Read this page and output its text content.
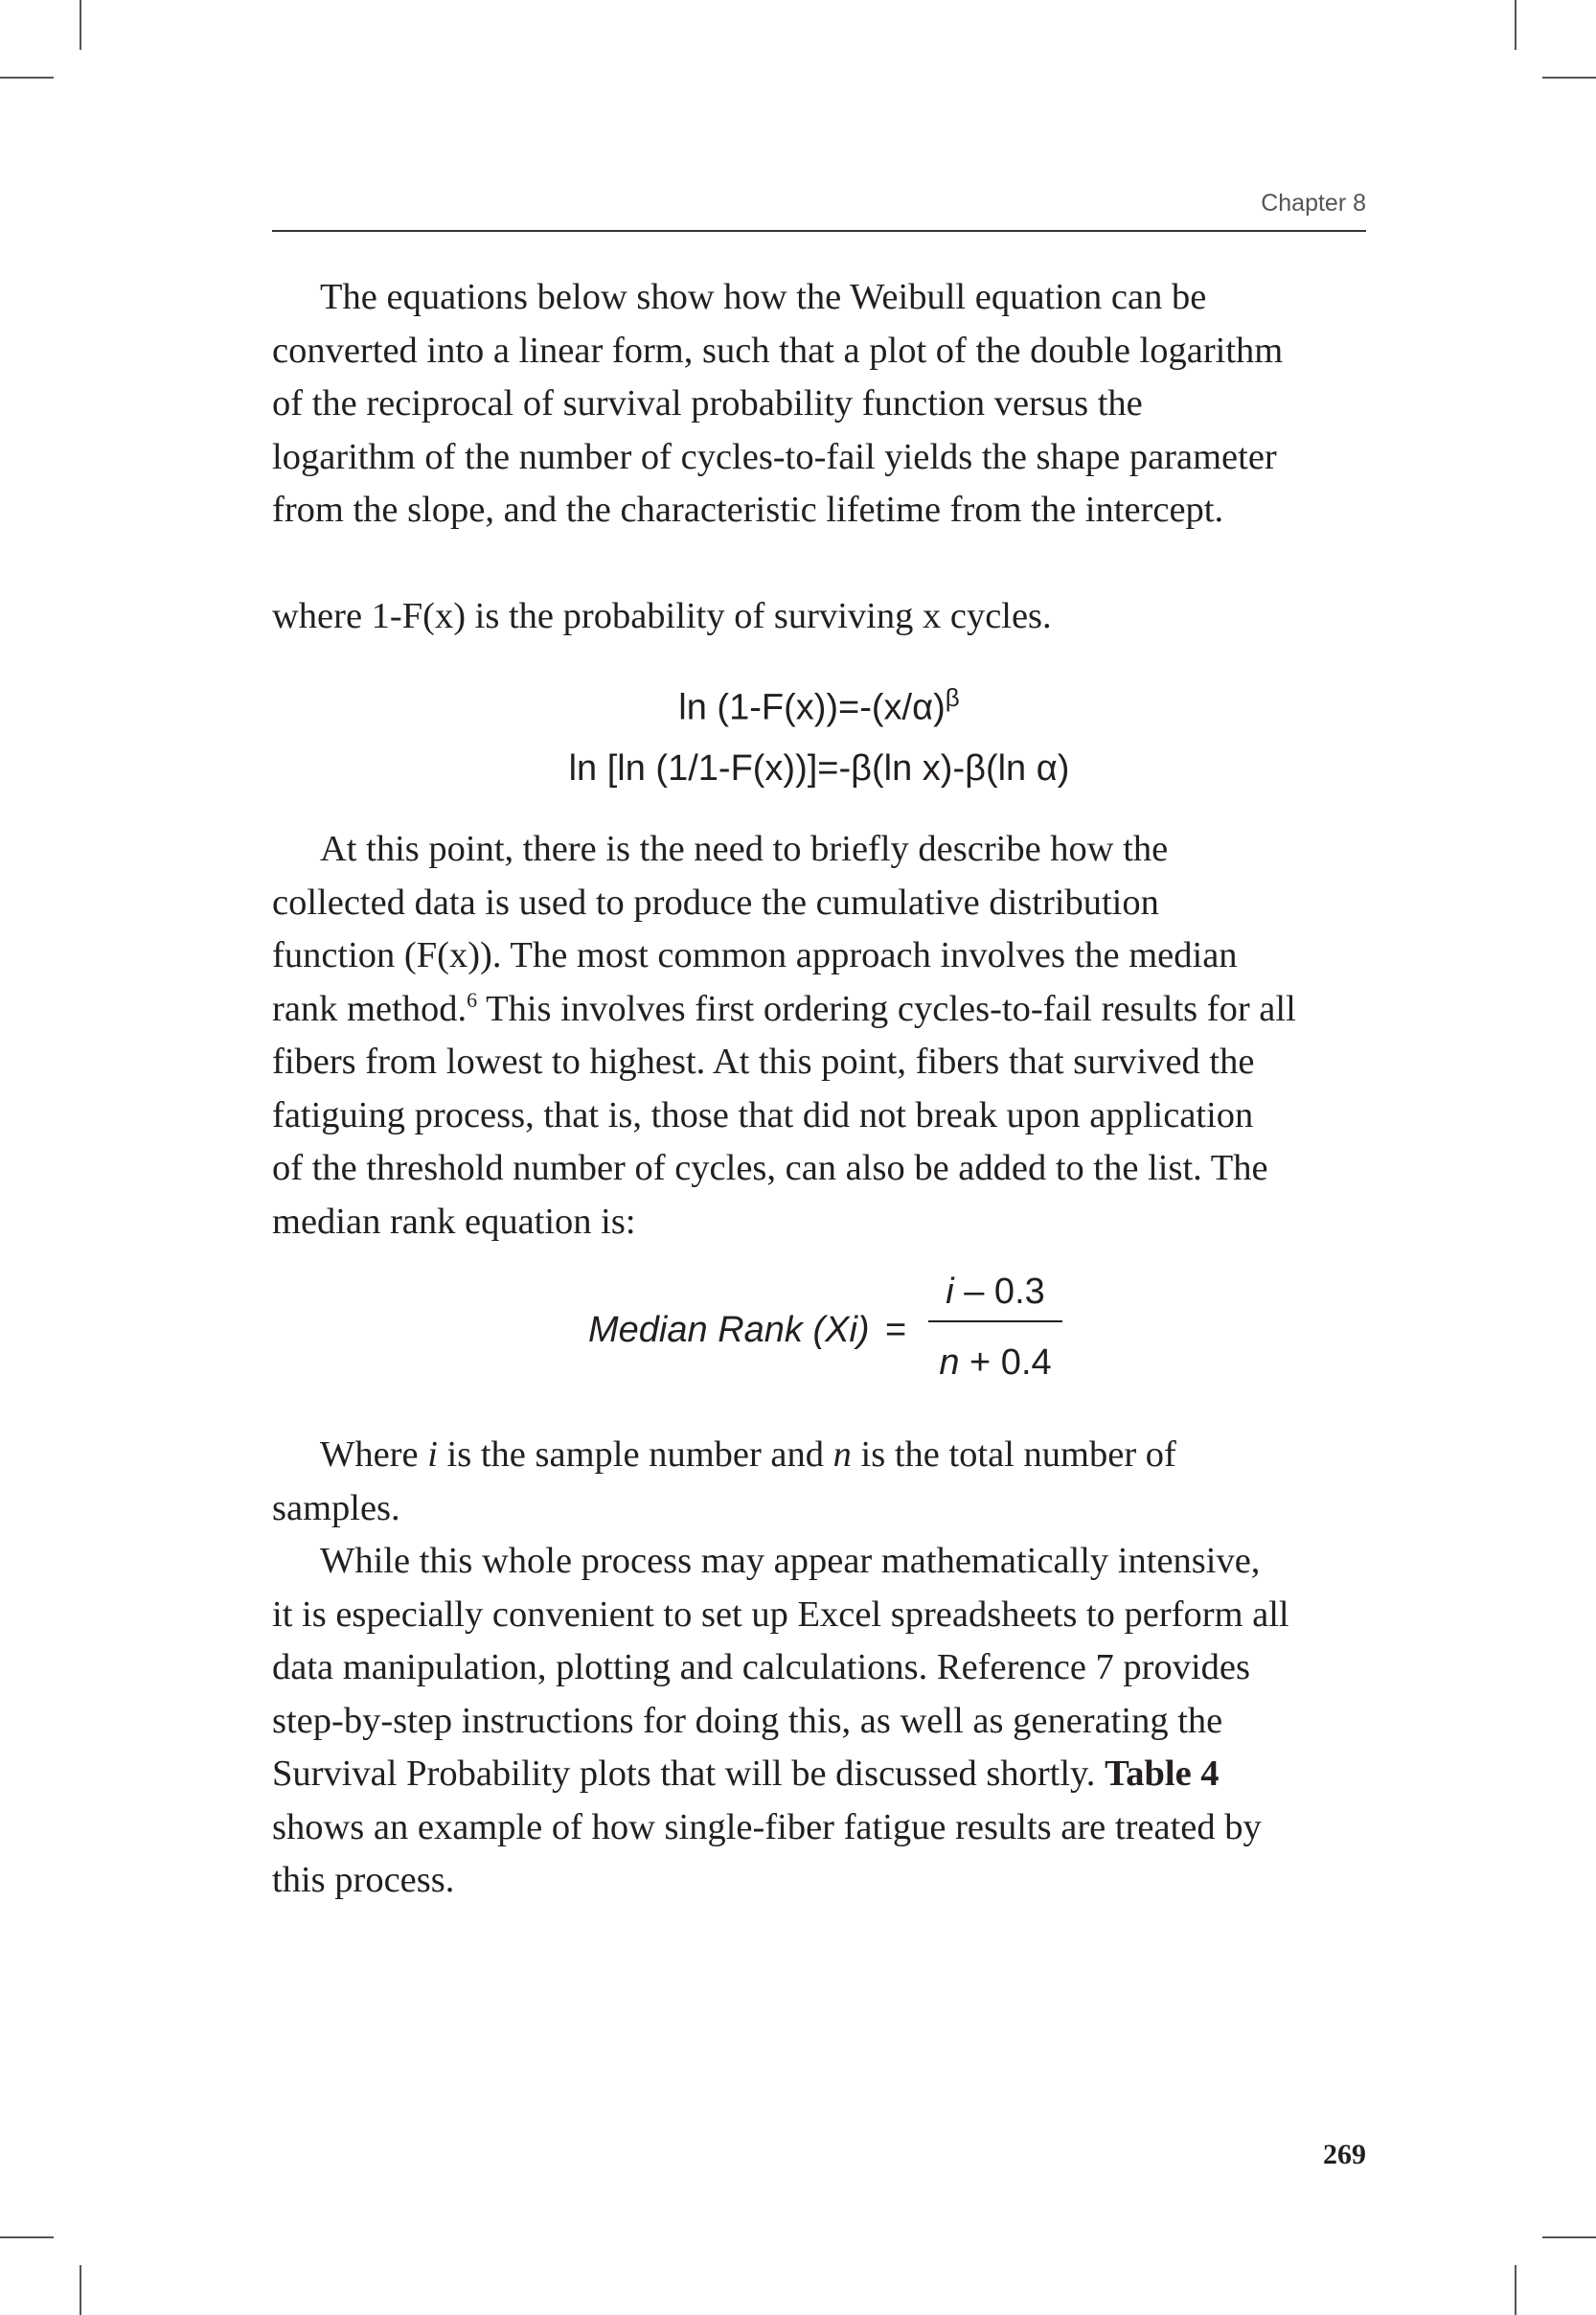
Chapter 8

The equations below show how the Weibull equation can be
converted into a linear form, such that a plot of the double logarithm
of the reciprocal of survival probability function versus the
logarithm of the number of cycles-to-fail yields the shape parameter
from the slope, and the characteristic lifetime from the intercept.

where 1-F(x) is the probability of surviving x cycles.

$\ln (1-F(x))=-(x/\alpha)^\beta$
ln [ln (1/1-F(x))]=-β(ln x)-β(ln α)

At this point, there is the need to briefly describe how the
collected data is used to produce the cumulative distribution
function (F(x)). The most common approach involves the median
rank method.$^6$ This involves first ordering cycles-to-fail results for all
fibers from lowest to highest. At this point, fibers that survived the
fatiguing process, that is, those that did not break upon application
of the threshold number of cycles, can also be added to the list. The
median rank equation is:

Median Rank (Xi) =
i – 0.3
n + 0.4

Where i is the sample number and n is the total number of
samples.

While this whole process may appear mathematically intensive,
it is especially convenient to set up Excel spreadsheets to perform all
data manipulation, plotting and calculations. Reference 7 provides
step-by-step instructions for doing this, as well as generating the
Survival Probability plots that will be discussed shortly. Table 4
shows an example of how single-fiber fatigue results are treated by
this process.

269
